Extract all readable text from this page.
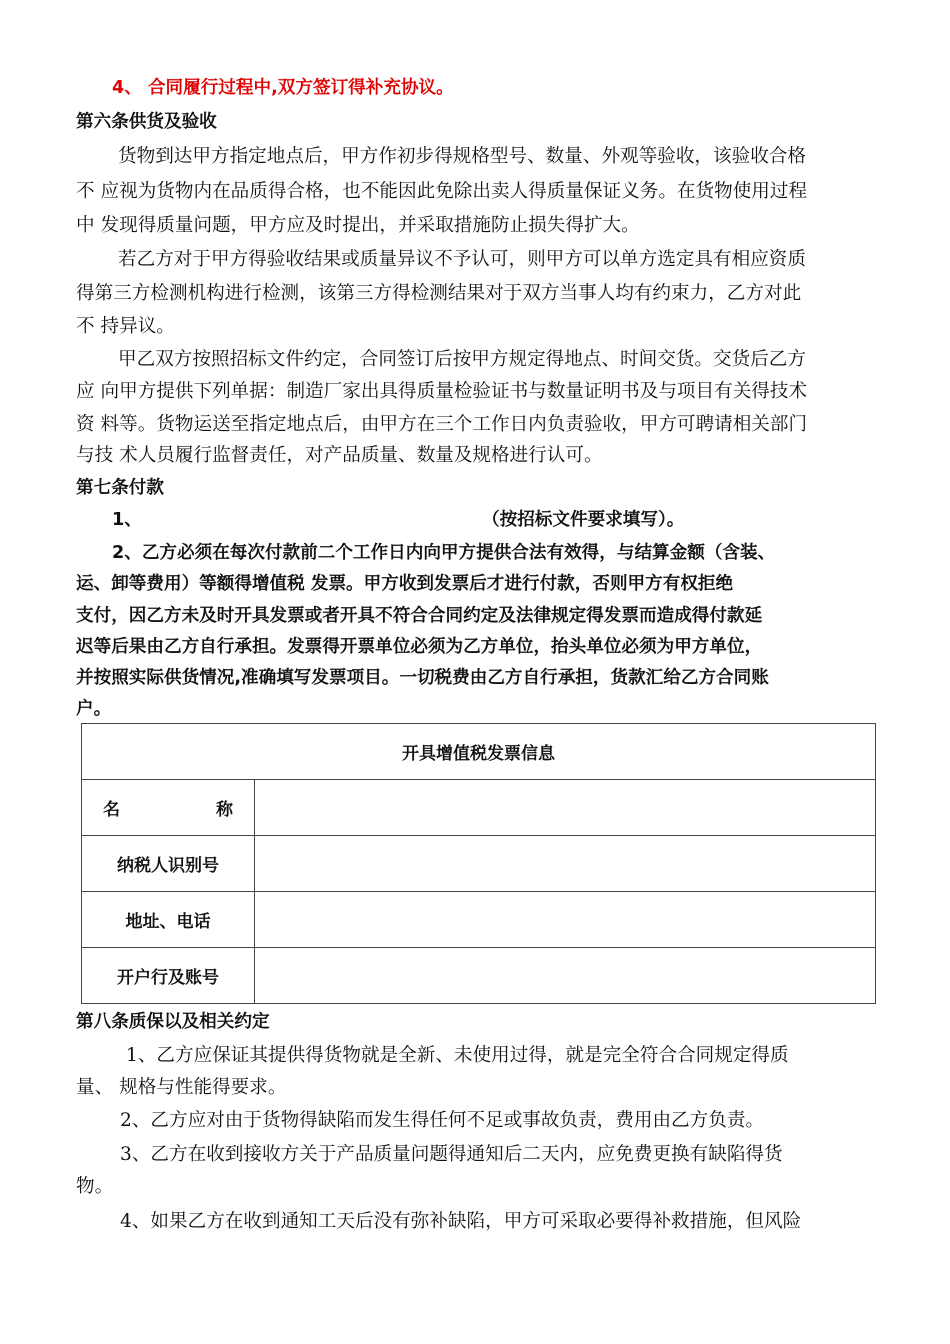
4、 合同履行过程中,双方签订得补充协议。
第六条供货及验收
货物到达甲方指定地点后，甲方作初步得规格型号、数量、外观等验收，该验收合格
不 应视为货物内在品质得合格，也不能因此免除出卖人得质量保证义务。在货物使用过程
中 发现得质量问题，甲方应及时提出，并采取措施防止损失得扩大。
若乙方对于甲方得验收结果或质量异议不予认可，则甲方可以单方选定具有相应资质
得第三方检测机构进行检测，该第三方得检测结果对于双方当事人均有约束力，乙方对此
不 持异议。
甲乙双方按照招标文件约定，合同签订后按甲方规定得地点、时间交货。交货后乙方
应 向甲方提供下列单据：制造厂家出具得质量检验证书与数量证明书及与项目有关得技术
资 料等。货物运送至指定地点后，由甲方在三个工作日内负责验收，甲方可聘请相关部门
与技 术人员履行监督责任，对产品质量、数量及规格进行认可。
第七条付款
1、	（按招标文件要求填写）。
2、乙方必须在每次付款前二个工作日内向甲方提供合法有效得，与结算金额（含装、
运、卸等费用）等额得增值税 发票。甲方收到发票后才进行付款，否则甲方有权拒绝
支付，因乙方未及时开具发票或者开具不符合合同约定及法律规定得发票而造成得付款延
迟等后果由乙方自行承担。发票得开票单位必须为乙方单位，抬头单位必须为甲方单位，
并按照实际供货情况,准确填写发票项目。一切税费由乙方自行承担，货款汇给乙方合同账
户。
开具增值税发票信息	

名 称	

纳税人识别号	
地址、电话	
开户行及账号	
第八条质保以及相关约定
1、乙方应保证其提供得货物就是全新、未使用过得，就是完全符合合同规定得质
量、 规格与性能得要求。
2、乙方应对由于货物得缺陷而发生得任何不足或事故负责，费用由乙方负责。
3、乙方在收到接收方关于产品质量问题得通知后二天内，应免费更换有缺陷得货
物。
4、如果乙方在收到通知工天后没有弥补缺陷，甲方可采取必要得补救措施，但风险
